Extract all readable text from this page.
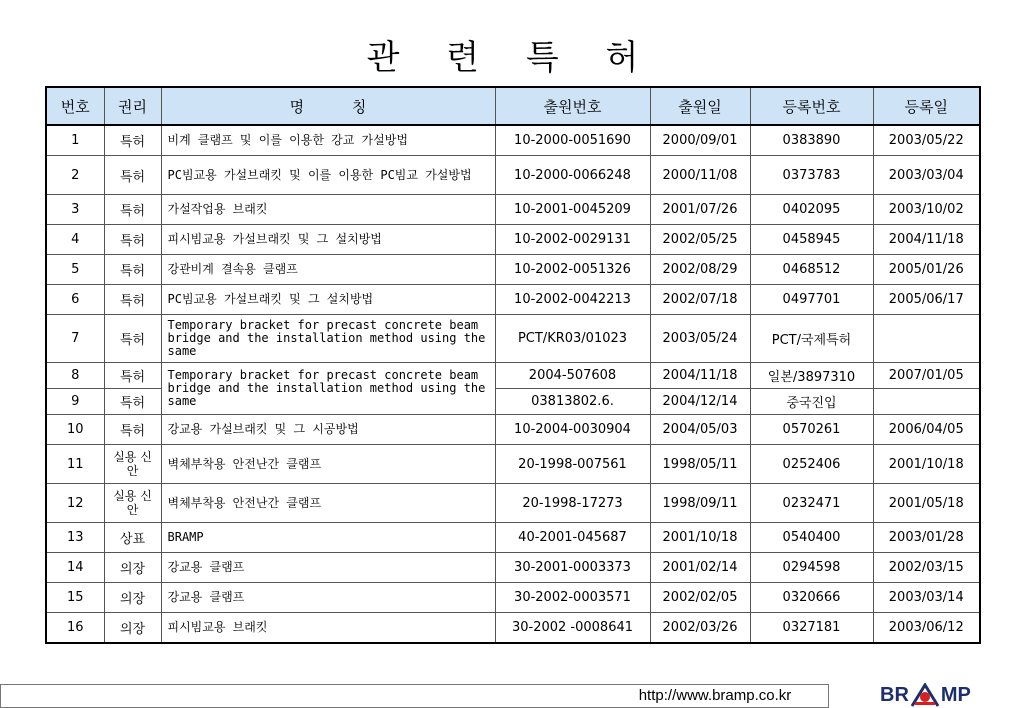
관 련 특 허
번호	권리	명          칭	출원번호	출원일	등록번호	등록일
1	특허	비계 클램프 및 이를 이용한 강교 가설방법	10-2000-0051690	2000/09/01	0383890	2003/05/22
2	특허	PC빔교용 가설브래킷 및 이를 이용한 PC빔교 가설방법	10-2000-0066248	2000/11/08	0373783	2003/03/04
3	특허	가설작업용 브래킷	10-2001-0045209	2001/07/26	0402095	2003/10/02
4	특허	피시빔교용 가설브래킷 및 그 설치방법	10-2002-0029131	2002/05/25	0458945	2004/11/18
5	특허	강관비계 결속용 클램프	10-2002-0051326	2002/08/29	0468512	2005/01/26
6	특허	PC빔교용 가설브래킷 및 그 설치방법	10-2002-0042213	2002/07/18	0497701	2005/06/17
7	특허	Temporary bracket for precast concrete beam bridge and the installation method using the same	PCT/KR03/01023	2003/05/24	PCT/국제특허	
8	특허	Temporary bracket for precast concrete beam bridge and the installation method using the same	2004-507608	2004/11/18	일본/3897310	2007/01/05
9	특허		03813802.6.	2004/12/14	중국진입	
10	특허	강교용 가설브래킷 및 그 시공방법	10-2004-0030904	2004/05/03	0570261	2006/04/05
11	실용 신안	벽체부착용 안전난간 클램프	20-1998-007561	1998/05/11	0252406	2001/10/18
12	실용 신안	벽체부착용 안전난간 클램프	20-1998-17273	1998/09/11	0232471	2001/05/18
13	상표	BRAMP	40-2001-045687	2001/10/18	0540400	2003/01/28
14	의장	강교용 클램프	30-2001-0003373	2001/02/14	0294598	2002/03/15
15	의장	강교용 클램프	30-2002-0003571	2002/02/05	0320666	2003/03/14
16	의장	피시빔교용 브래킷	30-2002 -0008641	2002/03/26	0327181	2003/06/12
http://www.bramp.co.kr	BR MP
